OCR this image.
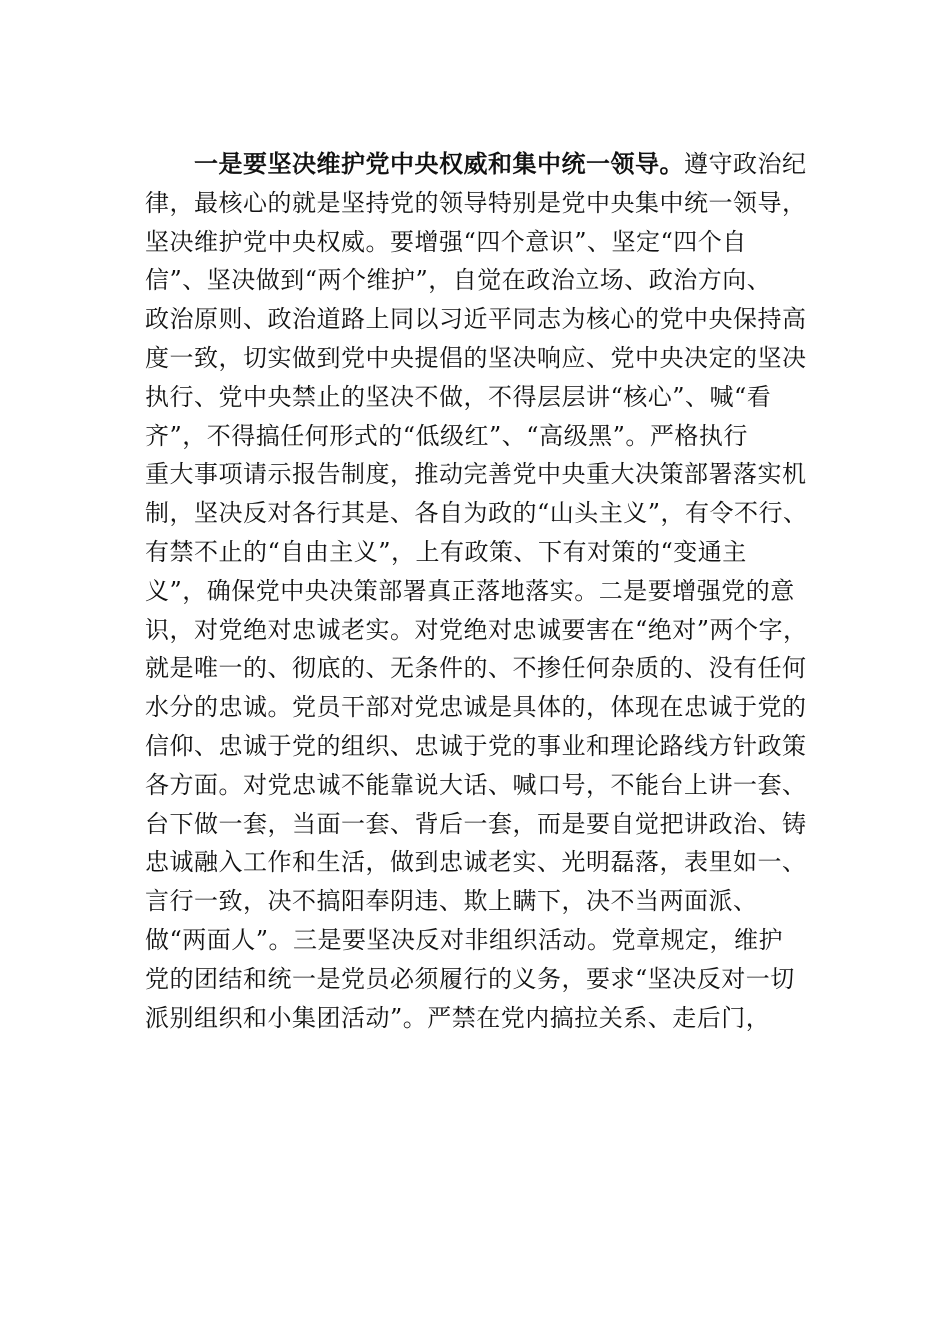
　　一是要坚决维护党中央权威和集中统一领导。遵守政治纪
律，最核心的就是坚持党的领导特别是党中央集中统一领导，
坚决维护党中央权威。要增强“四个意识”、坚定“四个自
信”、坚决做到“两个维护”，自觉在政治立场、政治方向、
政治原则、政治道路上同以习近平同志为核心的党中央保持高
度一致，切实做到党中央提倡的坚决响应、党中央决定的坚决
执行、党中央禁止的坚决不做，不得层层讲“核心”、喊“看
齐”，不得搞任何形式的“低级红”、“高级黑”。严格执行
重大事项请示报告制度，推动完善党中央重大决策部署落实机
制，坚决反对各行其是、各自为政的“山头主义”，有令不行、
有禁不止的“自由主义”，上有政策、下有对策的“变通主
义”，确保党中央决策部署真正落地落实。二是要增强党的意
识，对党绝对忠诚老实。对党绝对忠诚要害在“绝对”两个字，
就是唯一的、彻底的、无条件的、不掺任何杂质的、没有任何
水分的忠诚。党员干部对党忠诚是具体的，体现在忠诚于党的
信仰、忠诚于党的组织、忠诚于党的事业和理论路线方针政策
各方面。对党忠诚不能靠说大话、喊口号，不能台上讲一套、
台下做一套，当面一套、背后一套，而是要自觉把讲政治、铸
忠诚融入工作和生活，做到忠诚老实、光明磊落，表里如一、
言行一致，决不搞阳奉阴违、欺上瞒下，决不当两面派、
做“两面人”。三是要坚决反对非组织活动。党章规定，维护
党的团结和统一是党员必须履行的义务，要求“坚决反对一切
派别组织和小集团活动”。严禁在党内搞拉关系、走后门，
